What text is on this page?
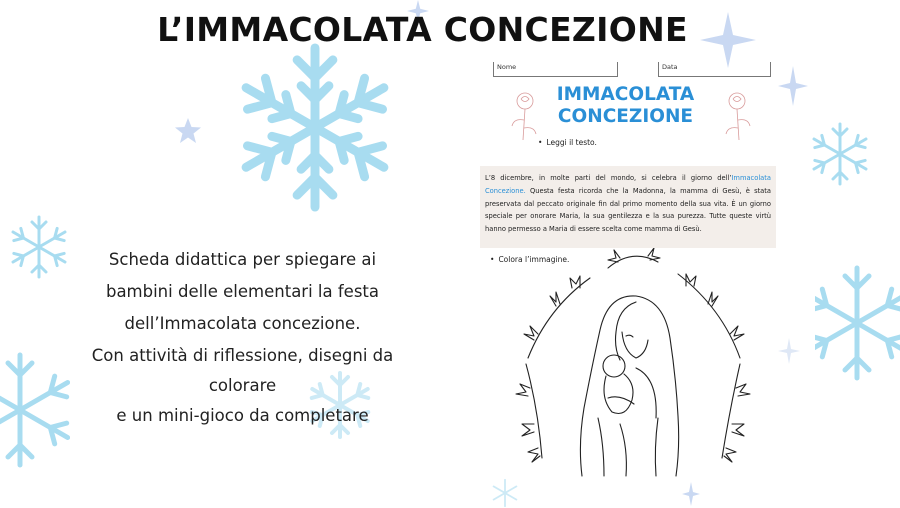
L’IMMACOLATA CONCEZIONE
Scheda didattica per spiegare ai
bambini delle elementari la festa
dell’Immacolata concezione.
Con attività di riflessione, disegni da
colorare
e un mini-gioco da completare
Nome	Data
IMMACOLATA
CONCEZIONE
• Leggi il testo.
L’8 dicembre, in molte parti del mondo, si celebra il giorno dell’Immacolata Concezione. Questa festa ricorda che la Madonna, la mamma di Gesù, è stata preservata dal peccato originale fin dal primo momento della sua vita. È un giorno speciale per onorare Maria, la sua gentilezza e la sua purezza. Tutte queste virtù hanno permesso a Maria di essere scelta come mamma di Gesù.
• Colora l’immagine.
